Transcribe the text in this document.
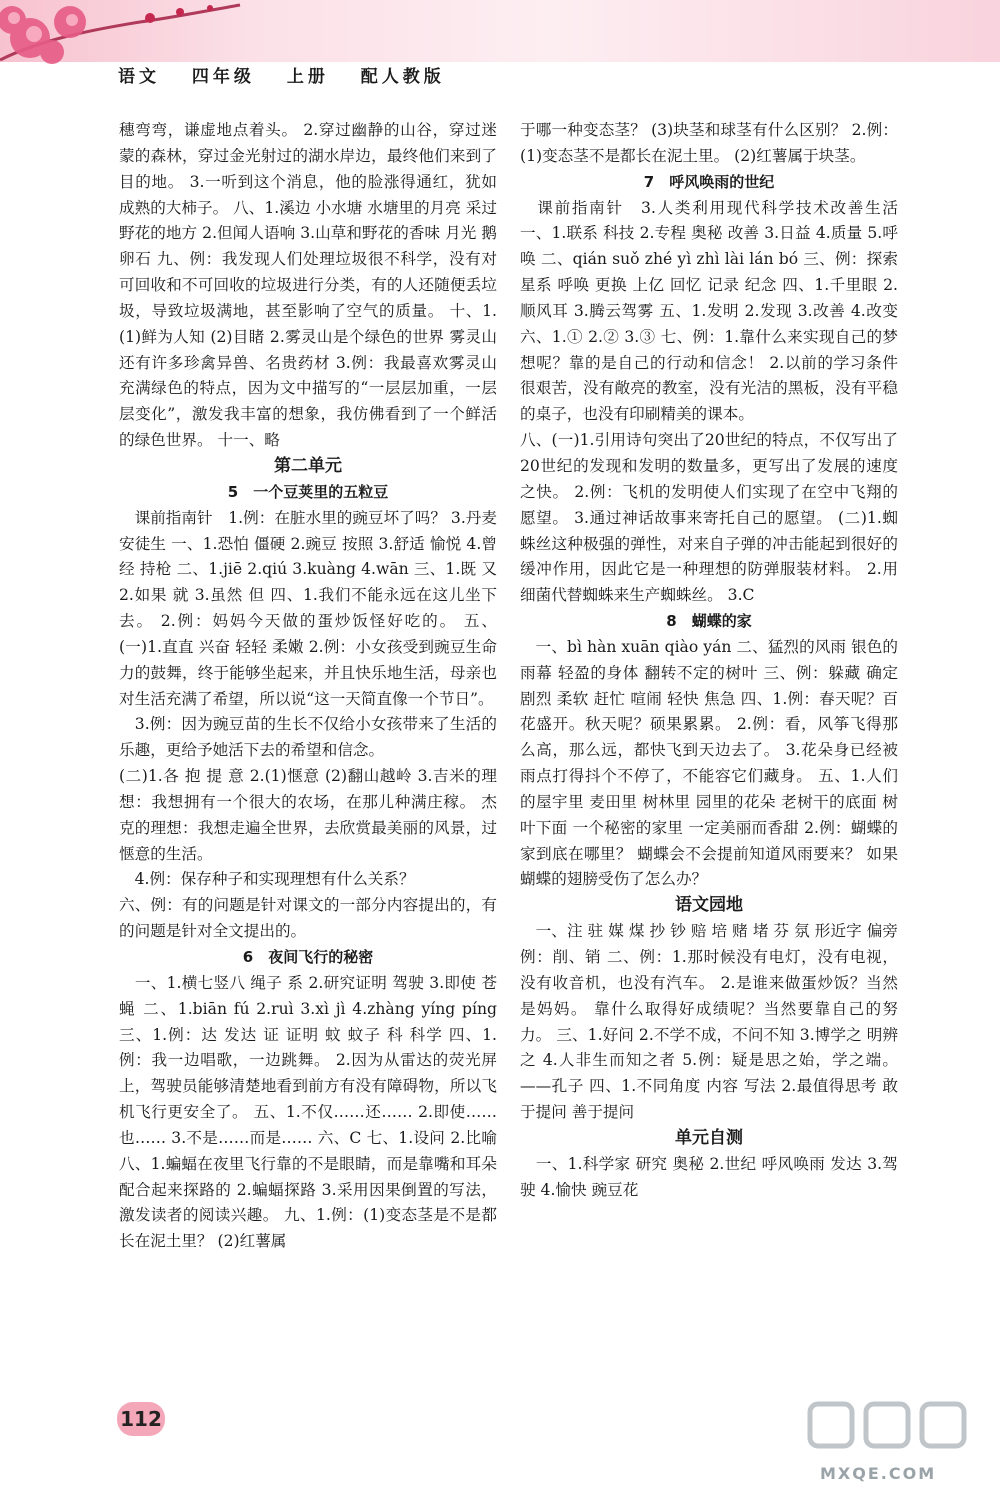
语文 四年级 上册 配人教版

穗弯弯，谦虚地点着头。 2.穿过幽静的山谷，穿过迷蒙的森林，穿过金光射过的湖水岸边，最终他们来到了目的地。 3.一听到这个消息，他的脸涨得通红，犹如成熟的大柿子。 八、1.溪边 小水塘 水塘里的月亮 采过野花的地方 2.但闻人语响 3.山草和野花的香味 月光 鹅卵石 九、例：我发现人们处理垃圾很不科学，没有对可回收和不可回收的垃圾进行分类，有的人还随便丢垃圾，导致垃圾满地，甚至影响了空气的质量。 十、1.(1)鲜为人知 (2)目睹 2.雾灵山是个绿色的世界 雾灵山还有许多珍禽异兽、名贵药材 3.例：我最喜欢雾灵山充满绿色的特点，因为文中描写的“一层层加重，一层层变化”，激发我丰富的想象，我仿佛看到了一个鲜活的绿色世界。 十一、略

第二单元

5　一个豆荚里的五粒豆

　课前指南针　1.例：在脏水里的豌豆坏了吗？ 3.丹麦 安徒生 一、1.恐怕 僵硬 2.豌豆 按照 3.舒适 愉悦 4.曾经 持枪 二、1.jiē 2.qiú 3.kuàng 4.wān 三、1.既 又 2.如果 就 3.虽然 但 四、1.我们不能永远在这儿坐下去。 2.例：妈妈今天做的蛋炒饭怪好吃的。 五、(一)1.直直 兴奋 轻轻 柔嫩 2.例：小女孩受到豌豆生命力的鼓舞，终于能够坐起来，并且快乐地生活，母亲也对生活充满了希望，所以说“这一天简直像一个节日”。

　3.例：因为豌豆苗的生长不仅给小女孩带来了生活的乐趣，更给予她活下去的希望和信念。

(二)1.各 抱 提 意 2.(1)惬意 (2)翻山越岭 3.吉米的理想：我想拥有一个很大的农场，在那儿种满庄稼。 杰克的理想：我想走遍全世界，去欣赏最美丽的风景，过惬意的生活。

　4.例：保存种子和实现理想有什么关系？

六、例：有的问题是针对课文的一部分内容提出的，有的问题是针对全文提出的。

6　夜间飞行的秘密

　一、1.横七竖八 绳子 系 2.研究证明 驾驶 3.即使 苍蝇 二、1.biān fú 2.ruì 3.xì jì 4.zhàng yíng píng 三、1.例：达 发达 证 证明 蚊 蚊子 科 科学 四、1.例：我一边唱歌，一边跳舞。 2.因为从雷达的荧光屏上，驾驶员能够清楚地看到前方有没有障碍物，所以飞机飞行更安全了。 五、1.不仅……还…… 2.即使……也…… 3.不是……而是…… 六、C 七、1.设问 2.比喻 八、1.蝙蝠在夜里飞行靠的不是眼睛，而是靠嘴和耳朵配合起来探路的 2.蝙蝠探路 3.采用因果倒置的写法，激发读者的阅读兴趣。 九、1.例：(1)变态茎是不是都长在泥土里？ (2)红薯属

于哪一种变态茎？ (3)块茎和球茎有什么区别？ 2.例：(1)变态茎不是都长在泥土里。 (2)红薯属于块茎。

7　呼风唤雨的世纪

　课前指南针　3.人类利用现代科学技术改善生活 一、1.联系 科技 2.专程 奥秘 改善 3.日益 4.质量 5.呼唤 二、qián suǒ zhé yì zhì lài lán bó 三、例：探索 星系 呼唤 更换 上亿 回忆 记录 纪念 四、1.千里眼 2.顺风耳 3.腾云驾雾 五、1.发明 2.发现 3.改善 4.改变 六、1.① 2.② 3.③ 七、例：1.靠什么来实现自己的梦想呢？靠的是自己的行动和信念！ 2.以前的学习条件很艰苦，没有敞亮的教室，没有光洁的黑板，没有平稳的桌子，也没有印刷精美的课本。

八、(一)1.引用诗句突出了20世纪的特点，不仅写出了20世纪的发现和发明的数量多，更写出了发展的速度之快。 2.例：飞机的发明使人们实现了在空中飞翔的愿望。 3.通过神话故事来寄托自己的愿望。 (二)1.蜘蛛丝这种极强的弹性，对来自子弹的冲击能起到很好的缓冲作用，因此它是一种理想的防弹服装材料。 2.用细菌代替蜘蛛来生产蜘蛛丝。 3.C

8　蝴蝶的家

　一、bì hàn xuān qiào yán 二、猛烈的风雨 银色的雨幕 轻盈的身体 翻转不定的树叶 三、例：躲藏 确定 剧烈 柔软 赶忙 喧闹 轻快 焦急 四、1.例：春天呢？百花盛开。秋天呢？硕果累累。 2.例：看，风筝飞得那么高，那么远，都快飞到天边去了。 3.花朵身已经被雨点打得抖个不停了，不能容它们藏身。 五、1.人们的屋宇里 麦田里 树林里 园里的花朵 老树干的底面 树叶下面 一个秘密的家里 一定美丽而香甜 2.例：蝴蝶的家到底在哪里？ 蝴蝶会不会提前知道风雨要来？ 如果蝴蝶的翅膀受伤了怎么办？

语文园地

　一、注 驻 媒 煤 抄 钞 赔 培 赌 堵 芬 氛 形近字 偏旁 例：削、销 二、例：1.那时候没有电灯，没有电视，没有收音机，也没有汽车。 2.是谁来做蛋炒饭？当然是妈妈。 靠什么取得好成绩呢？当然要靠自己的努力。 三、1.好问 2.不学不成，不问不知 3.博学之 明辨之 4.人非生而知之者 5.例：疑是思之始，学之端。——孔子 四、1.不同角度 内容 写法 2.最值得思考 敢于提问 善于提问

单元自测

　一、1.科学家 研究 奥秘 2.世纪 呼风唤雨 发达 3.驾驶 4.愉快 豌豆花

112
MXQE.COM
